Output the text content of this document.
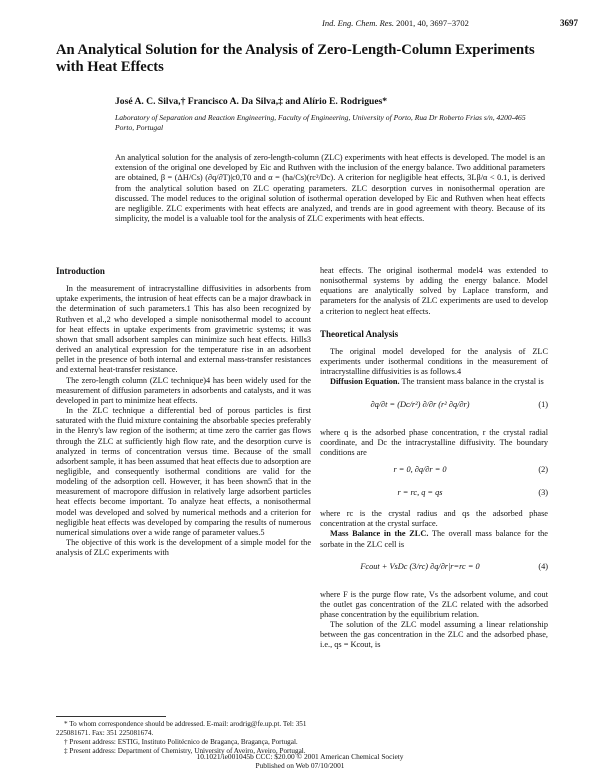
Ind. Eng. Chem. Res. 2001, 40, 3697−3702	3697
An Analytical Solution for the Analysis of Zero-Length-Column Experiments with Heat Effects
José A. C. Silva,† Francisco A. Da Silva,‡ and Alírio E. Rodrigues*
Laboratory of Separation and Reaction Engineering, Faculty of Engineering, University of Porto, Rua Dr Roberto Frias s/n, 4200-465 Porto, Portugal
An analytical solution for the analysis of zero-length-column (ZLC) experiments with heat effects is developed. The model is an extension of the original one developed by Eic and Ruthven with the inclusion of the energy balance. Two additional parameters are obtained, β = (ΔH/Cs) (∂q/∂T)|c0,T0 and α = (ha/Cs)(rc²/Dc). A criterion for negligible heat effects, 3Lβ/α < 0.1, is derived from the analytical solution based on ZLC operating parameters. ZLC desorption curves in nonisothermal operation are discussed. The model reduces to the original solution of isothermal operation developed by Eic and Ruthven when heat effects are negligible. ZLC experiments with heat effects are analyzed, and trends are in good agreement with theory. Because of its simplicity, the model is a valuable tool for the analysis of ZLC experiments with heat effects.
Introduction

In the measurement of intracrystalline diffusivities in adsorbents from uptake experiments, the intrusion of heat effects can be a major drawback in the determination of such parameters.1 This has also been recognized by Ruthven et al.,2 who developed a simple nonisothermal model to account for heat effects in uptake experiments from gravimetric systems; it was shown that small adsorbent samples can minimize such heat effects. Hills3 derived an analytical expression for the temperature rise in an adsorbent pellet in the presence of both internal and external mass-transfer resistances and external heat-transfer resistance.

The zero-length column (ZLC technique)4 has been widely used for the measurement of diffusion parameters in adsorbents and catalysts, and it was developed in part to minimize heat effects.

In the ZLC technique a differential bed of porous particles is first saturated with the fluid mixture containing the absorbable species preferably in the Henry's law region of the isotherm; at time zero the carrier gas flows through the ZLC at sufficiently high flow rate, and the desorption curve is analyzed in terms of concentration versus time. Because of the small adsorbent sample, it has been assumed that heat effects due to adsorption are negligible, and consequently isothermal conditions are valid for the modeling of the adsorption cell. However, it has been shown5 that in the measurement of macropore diffusion in relatively large adsorbent particles heat effects become important. To analyze heat effects, a nonisothermal model was developed and solved by numerical methods and a criterion for negligible heat effects was developed by comparing the results of numerous numerical simulations over a wide range of parameter values.5

The objective of this work is the development of a simple model for the analysis of ZLC experiments with

heat effects. The original isothermal model4 was extended to nonisothermal systems by adding the energy balance. Model equations are analytically solved by Laplace transform, and parameters for the analysis of ZLC experiments are used to develop a criterion to neglect heat effects.

Theoretical Analysis

The original model developed for the analysis of ZLC experiments under isothermal conditions in the measurement of intracrystalline diffusivities is as follows.4

Diffusion Equation. The transient mass balance in the crystal is

∂q/∂t = (Dc/r²) ∂/∂r (r² ∂q/∂r)	(1)

where q is the adsorbed phase concentration, r the crystal radial coordinate, and Dc the intracrystalline diffusivity. The boundary conditions are

r = 0, ∂q/∂r = 0	(2)
r = rc, q = qs	(3)

where rc is the crystal radius and qs the adsorbed phase concentration at the crystal surface.

Mass Balance in the ZLC. The overall mass balance for the sorbate in the ZLC cell is

Fcout + VsDc (3/rc) ∂q/∂r|r=rc = 0	(4)

where F is the purge flow rate, Vs the adsorbent volume, and cout the outlet gas concentration of the ZLC related with the adsorbed phase concentration by the equilibrium relation.

The solution of the ZLC model assuming a linear relationship between the gas concentration in the ZLC and the adsorbed phase, i.e., qs = Kcout, is

* To whom correspondence should be addressed. E-mail: arodrig@fe.up.pt. Tel: 351 225081671. Fax: 351 225081674.

† Present address: ESTIG, Instituto Politécnico de Bragança, Bragança, Portugal.

‡ Present address: Department of Chemistry, University of Aveiro, Aveiro, Portugal.

10.1021/ie001045b CCC: $20.00 © 2001 American Chemical Society
Published on Web 07/10/2001
